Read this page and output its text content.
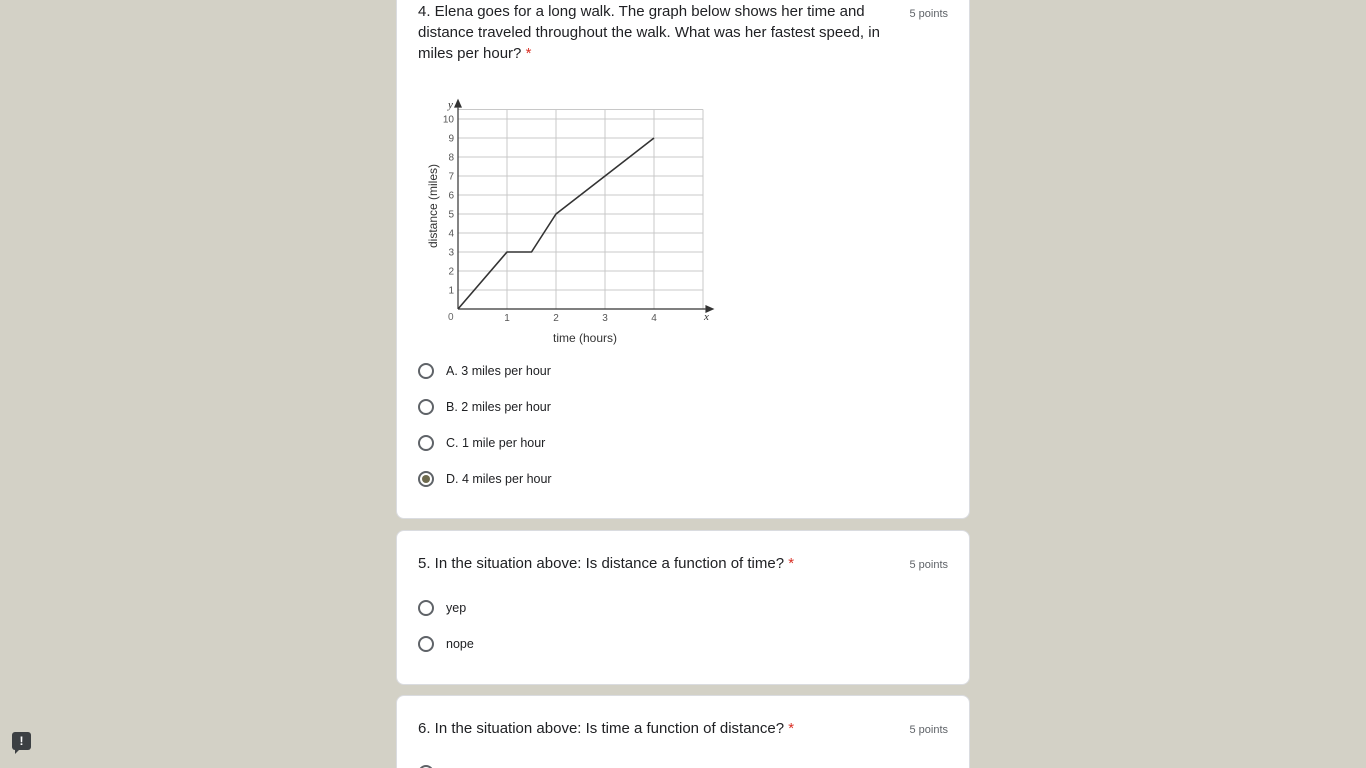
4. Elena goes for a long walk. The graph below shows her time and distance traveled throughout the walk. What was her fastest speed, in miles per hour? *
5 points
1	2	3	4
1
2
3
4
5
6
7
8
9
10
time (hours)
distance (miles)
x
y
0
A. 3 miles per hour
B. 2 miles per hour
C. 1 mile per hour
D. 4 miles per hour
5. In the situation above: Is distance a function of time? *	5 points
yep
nope
6. In the situation above: Is time a function of distance? *	5 points
!
